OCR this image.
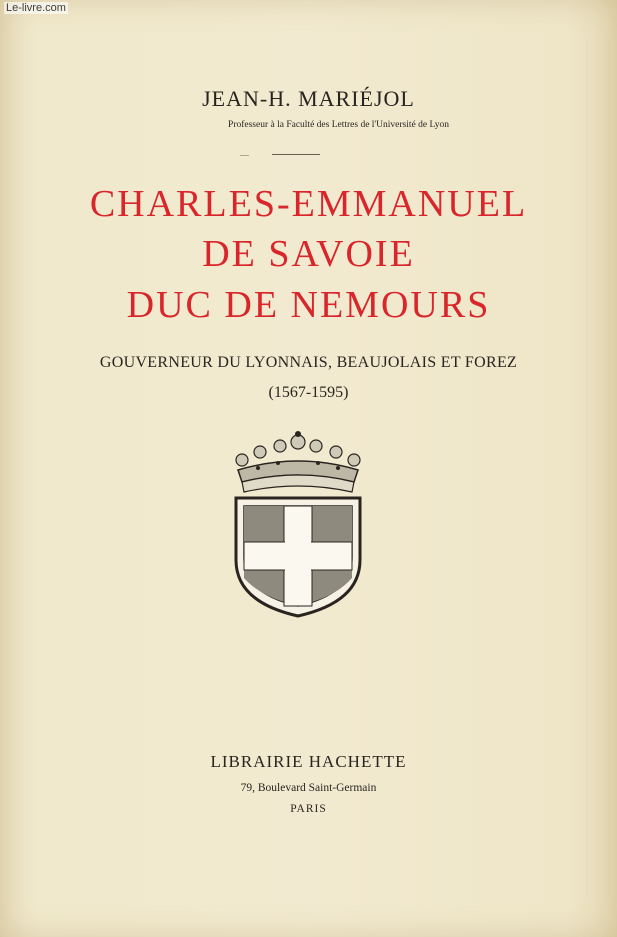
Le-livre.com
JEAN-H. MARIÉJOL
Professeur à la Faculté des Lettres de l'Université de Lyon
—
CHARLES-EMMANUEL
DE SAVOIE
DUC DE NEMOURS
GOUVERNEUR DU LYONNAIS, BEAUJOLAIS ET FOREZ
(1567-1595)
LIBRAIRIE HACHETTE
79, Boulevard Saint-Germain
PARIS
